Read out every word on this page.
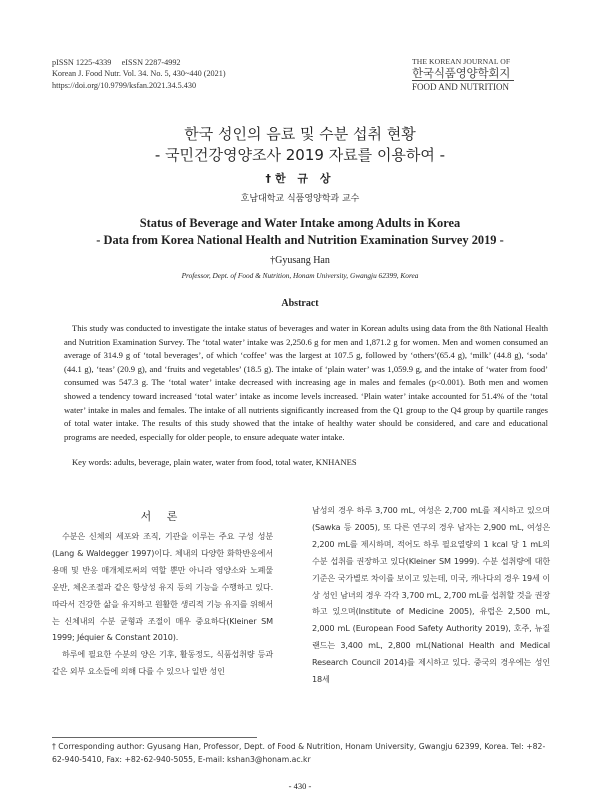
pISSN 1225-4339 eISSN 2287-4992
Korean J. Food Nutr. Vol. 34. No. 5, 430~440 (2021)
https://doi.org/10.9799/ksfan.2021.34.5.430
THE KOREAN JOURNAL OF
한국식품영양학회지
FOOD AND NUTRITION
한국 성인의 음료 및 수분 섭취 현황
- 국민건강영양조사 2019 자료를 이용하여 -
†한 규 상
호남대학교 식품영양학과 교수
Status of Beverage and Water Intake among Adults in Korea
- Data from Korea National Health and Nutrition Examination Survey 2019 -
†Gyusang Han
Professor, Dept. of Food & Nutrition, Honam University, Gwangju 62399, Korea
Abstract

This study was conducted to investigate the intake status of beverages and water in Korean adults using data from the 8th National Health and Nutrition Examination Survey. The ‘total water’ intake was 2,250.6 g for men and 1,871.2 g for women. Men and women consumed an average of 314.9 g of ‘total beverages’, of which ‘coffee’ was the largest at 107.5 g, followed by ‘others’(65.4 g), ‘milk’ (44.8 g), ‘soda’ (44.1 g), ‘teas’ (20.9 g), and ‘fruits and vegetables’ (18.5 g). The intake of ‘plain water’ was 1,059.9 g, and the intake of ‘water from food’ consumed was 547.3 g. The ‘total water’ intake decreased with increasing age in males and females (p<0.001). Both men and women showed a tendency toward increased ‘total water’ intake as income levels increased. ‘Plain water’ intake accounted for 51.4% of the ‘total water’ intake in males and females. The intake of all nutrients significantly increased from the Q1 group to the Q4 group by quartile ranges of total water intake. The results of this study showed that the intake of healthy water should be considered, and care and educational programs are needed, especially for older people, to ensure adequate water intake.

Key words: adults, beverage, plain water, water from food, total water, KNHANES
서 론

수분은 신체의 세포와 조직, 기관을 이루는 주요 구성 성분(Lang & Waldegger 1997)이다. 체내의 다양한 화학반응에서 용매 및 반응 매개체로써의 역할 뿐만 아니라 영양소와 노폐물 운반, 체온조절과 같은 항상성 유지 등의 기능을 수행하고 있다. 따라서 건강한 삶을 유지하고 원활한 생리적 기능 유지를 위해서는 신체내의 수분 균형과 조절이 매우 중요하다(Kleiner SM 1999; Jéquier & Constant 2010).

하루에 필요한 수분의 양은 기후, 활동정도, 식품섭취량 등과 같은 외부 요소들에 의해 다를 수 있으나 일반 성인

남성의 경우 하루 3,700 mL, 여성은 2,700 mL를 제시하고 있으며(Sawka 등 2005), 또 다른 연구의 경우 남자는 2,900 mL, 여성은 2,200 mL를 제시하며, 적어도 하루 필요열량의 1 kcal 당 1 mL의 수분 섭취를 권장하고 있다(Kleiner SM 1999). 수분 섭취량에 대한 기준은 국가별로 차이를 보이고 있는데, 미국, 캐나다의 경우 19세 이상 성인 남녀의 경우 각각 3,700 mL, 2,700 mL를 섭취할 것을 권장하고 있으며(Institute of Medicine 2005), 유럽은 2,500 mL, 2,000 mL (European Food Safety Authority 2019), 호주, 뉴질랜드는 3,400 mL, 2,800 mL(National Health and Medical Research Council 2014)를 제시하고 있다. 중국의 경우에는 성인 18세

† Corresponding author: Gyusang Han, Professor, Dept. of Food & Nutrition, Honam University, Gwangju 62399, Korea. Tel: +82-62-940-5410, Fax: +82-62-940-5055, E-mail: kshan3@honam.ac.kr
- 430 -
